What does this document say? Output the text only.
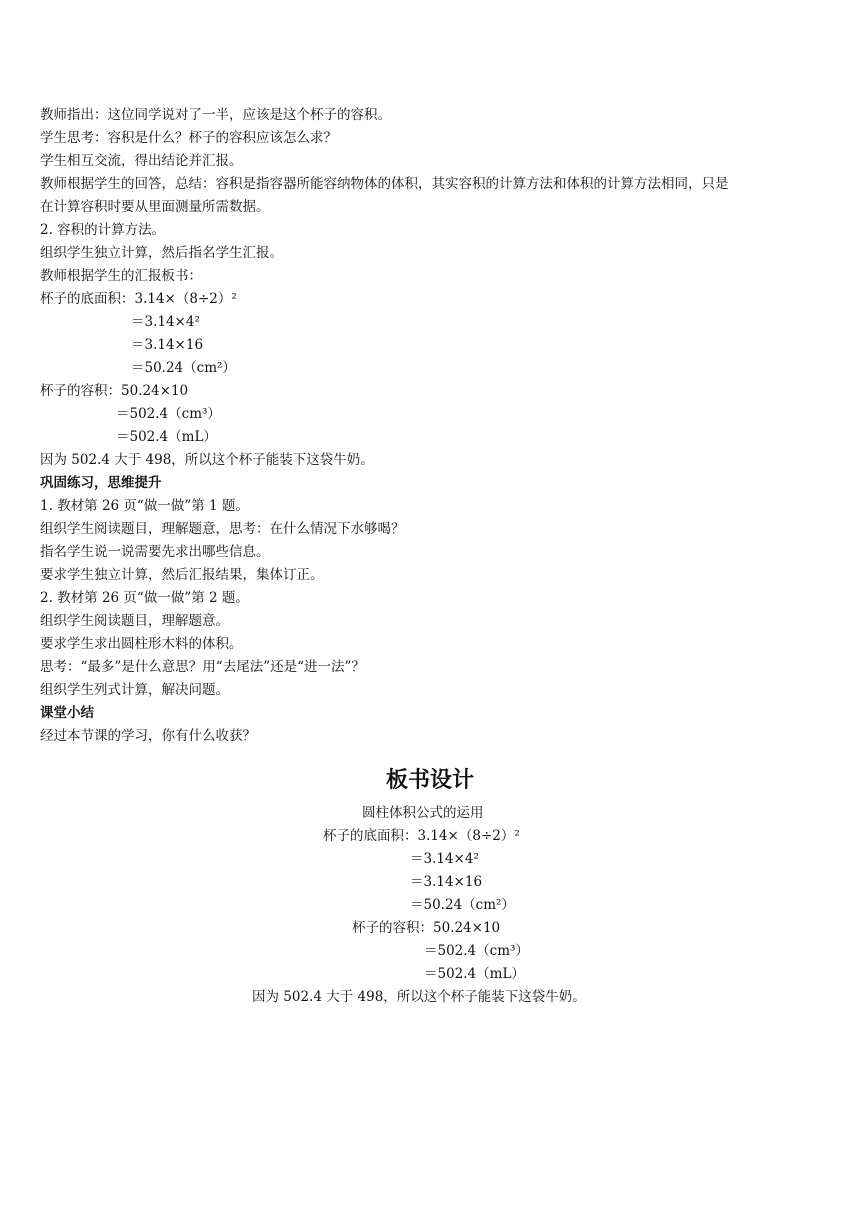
教师指出：这位同学说对了一半，应该是这个杯子的容积。
学生思考：容积是什么？杯子的容积应该怎么求？
学生相互交流，得出结论并汇报。
教师根据学生的回答，总结：容积是指容器所能容纳物体的体积，其实容积的计算方法和体积的计算方法相同，只是
在计算容积时要从里面测量所需数据。
2. 容积的计算方法。
组织学生独立计算，然后指名学生汇报。
教师根据学生的汇报板书：
杯子的底面积：3.14×（8÷2）²
＝3.14×4²
＝3.14×16
＝50.24（cm²）
杯子的容积：50.24×10
＝502.4（cm³）
＝502.4（mL）
因为 502.4 大于 498，所以这个杯子能装下这袋牛奶。
巩固练习，思维提升
1. 教材第 26 页“做一做”第 1 题。
组织学生阅读题目，理解题意，思考：在什么情况下水够喝？
指名学生说一说需要先求出哪些信息。
要求学生独立计算，然后汇报结果，集体订正。
2. 教材第 26 页“做一做”第 2 题。
组织学生阅读题目，理解题意。
要求学生求出圆柱形木料的体积。
思考：“最多”是什么意思？用“去尾法”还是“进一法”？
组织学生列式计算，解决问题。
课堂小结
经过本节课的学习，你有什么收获？
板书设计
圆柱体积公式的运用
杯子的底面积：3.14×（8÷2）²
＝3.14×4²
＝3.14×16
＝50.24（cm²）
杯子的容积：50.24×10
＝502.4（cm³）
＝502.4（mL）
因为 502.4 大于 498，所以这个杯子能装下这袋牛奶。
